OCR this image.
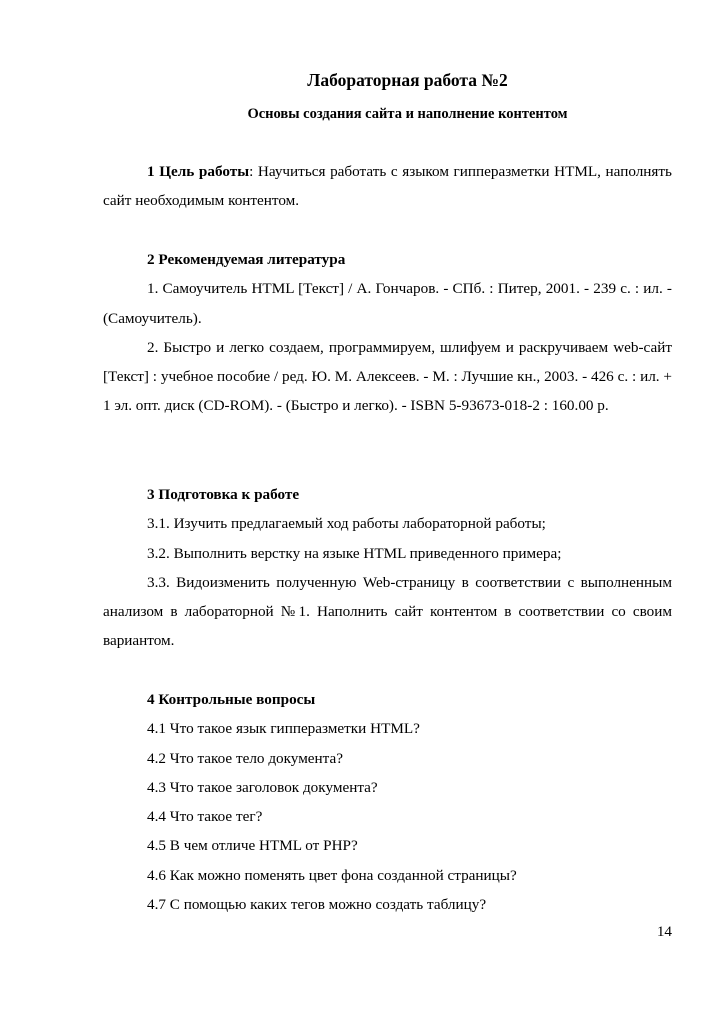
Лабораторная работа №2
Основы создания сайта и наполнение контентом

1 Цель работы: Научиться работать с языком гипперазметки HTML, наполнять сайт необходимым контентом.

2 Рекомендуемая литература

1. Самоучитель HTML [Текст] / А. Гончаров. - СПб. : Питер, 2001. - 239 с. : ил. - (Самоучитель).

2. Быстро и легко создаем, программируем, шлифуем и раскручиваем web-сайт [Текст] : учебное пособие / ред. Ю. М. Алексеев. - М. : Лучшие кн., 2003. - 426 с. : ил. + 1 эл. опт. диск (CD-ROM). - (Быстро и легко). - ISBN 5-93673-018-2 : 160.00 р.

3 Подготовка к работе

3.1. Изучить предлагаемый ход работы лабораторной работы;

3.2. Выполнить верстку на языке HTML приведенного примера;

3.3. Видоизменить полученную Web-страницу в соответствии с выполненным анализом в лабораторной №1. Наполнить сайт контентом в соответствии со своим вариантом.

4 Контрольные вопросы

4.1 Что такое язык гипперазметки HTML?

4.2 Что такое тело документа?

4.3 Что такое заголовок документа?

4.4 Что такое тег?

4.5 В чем отличе HTML от PHP?

4.6 Как можно поменять цвет фона созданной страницы?

4.7 С помощью каких тегов можно создать таблицу?

14
